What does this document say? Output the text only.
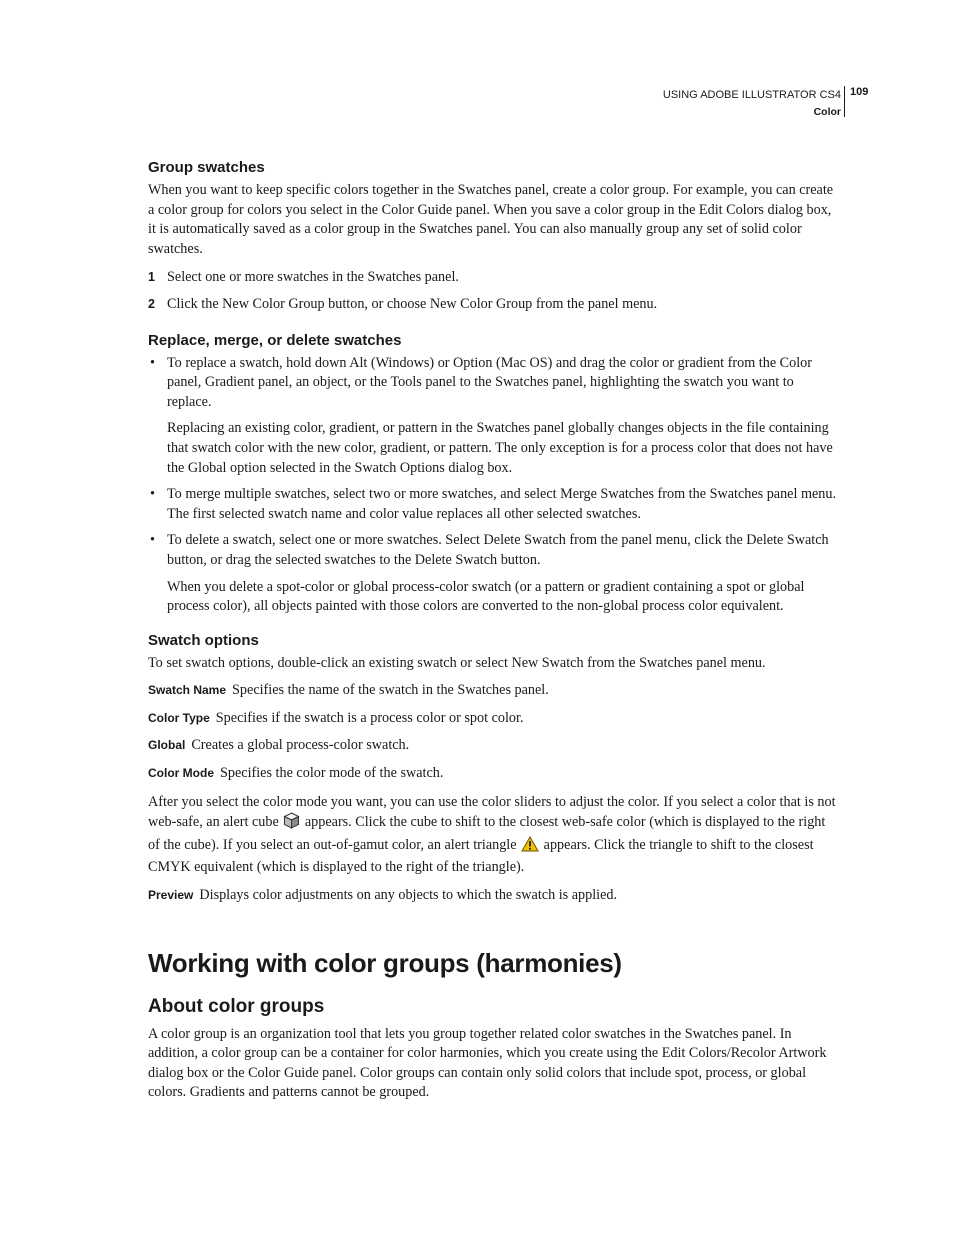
USING ADOBE ILLUSTRATOR CS4
Color
109
Group swatches

When you want to keep specific colors together in the Swatches panel, create a color group. For example, you can create a color group for colors you select in the Color Guide panel. When you save a color group in the Edit Colors dialog box, it is automatically saved as a color group in the Swatches panel. You can also manually group any set of solid color swatches.

1 Select one or more swatches in the Swatches panel.
2 Click the New Color Group button, or choose New Color Group from the panel menu.
Replace, merge, or delete swatches
• To replace a swatch, hold down Alt (Windows) or Option (Mac OS) and drag the color or gradient from the Color panel, Gradient panel, an object, or the Tools panel to the Swatches panel, highlighting the swatch you want to replace.

Replacing an existing color, gradient, or pattern in the Swatches panel globally changes objects in the file containing that swatch color with the new color, gradient, or pattern. The only exception is for a process color that does not have the Global option selected in the Swatch Options dialog box.

• To merge multiple swatches, select two or more swatches, and select Merge Swatches from the Swatches panel menu. The first selected swatch name and color value replaces all other selected swatches.

• To delete a swatch, select one or more swatches. Select Delete Swatch from the panel menu, click the Delete Swatch button, or drag the selected swatches to the Delete Swatch button.

When you delete a spot-color or global process-color swatch (or a pattern or gradient containing a spot or global process color), all objects painted with those colors are converted to the non-global process color equivalent.

Swatch options

To set swatch options, double-click an existing swatch or select New Swatch from the Swatches panel menu.

Swatch Name Specifies the name of the swatch in the Swatches panel.

Color Type Specifies if the swatch is a process color or spot color.

Global Creates a global process-color swatch.

Color Mode Specifies the color mode of the swatch.

After you select the color mode you want, you can use the color sliders to adjust the color. If you select a color that is not web-safe, an alert cube appears. Click the cube to shift to the closest web-safe color (which is displayed to the right of the cube). If you select an out-of-gamut color, an alert triangle appears. Click the triangle to shift to the closest CMYK equivalent (which is displayed to the right of the triangle).

Preview Displays color adjustments on any objects to which the swatch is applied.

Working with color groups (harmonies)
About color groups

A color group is an organization tool that lets you group together related color swatches in the Swatches panel. In addition, a color group can be a container for color harmonies, which you create using the Edit Colors/Recolor Artwork dialog box or the Color Guide panel. Color groups can contain only solid colors that include spot, process, or global colors. Gradients and patterns cannot be grouped.
